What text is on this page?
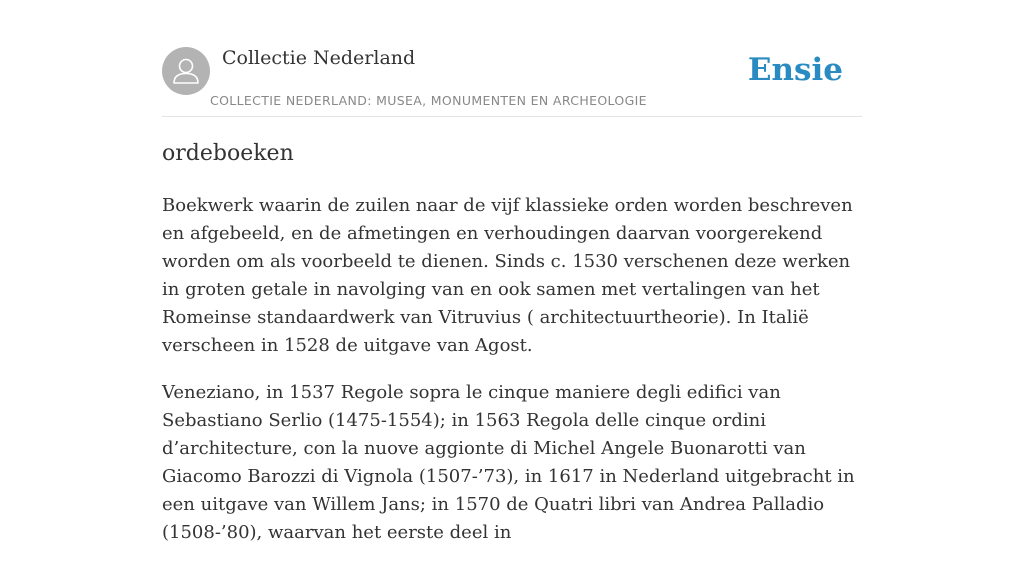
Collectie Nederland
COLLECTIE NEDERLAND: MUSEA, MONUMENTEN EN ARCHEOLOGIE
Ensie
ordeboeken

Boekwerk waarin de zuilen naar de vijf klassieke orden worden beschreven en afgebeeld, en de afmetingen en verhoudingen daarvan voorgerekend worden om als voorbeeld te dienen. Sinds c. 1530 verschenen deze werken in groten getale in navolging van en ook samen met vertalingen van het Romeinse standaardwerk van Vitruvius ( architectuurtheorie). In Italië verscheen in 1528 de uitgave van Agost.

Veneziano, in 1537 Regole sopra le cinque maniere degli edifici van Sebastiano Serlio (1475-1554); in 1563 Regola delle cinque ordini d’architecture, con la nuove aggionte di Michel Angele Buonarotti van Giacomo Barozzi di Vignola (1507-’73), in 1617 in Nederland uitgebracht in een uitgave van Willem Jans; in 1570 de Quatri libri van Andrea Palladio (1508-’80), waarvan het eerste deel in
